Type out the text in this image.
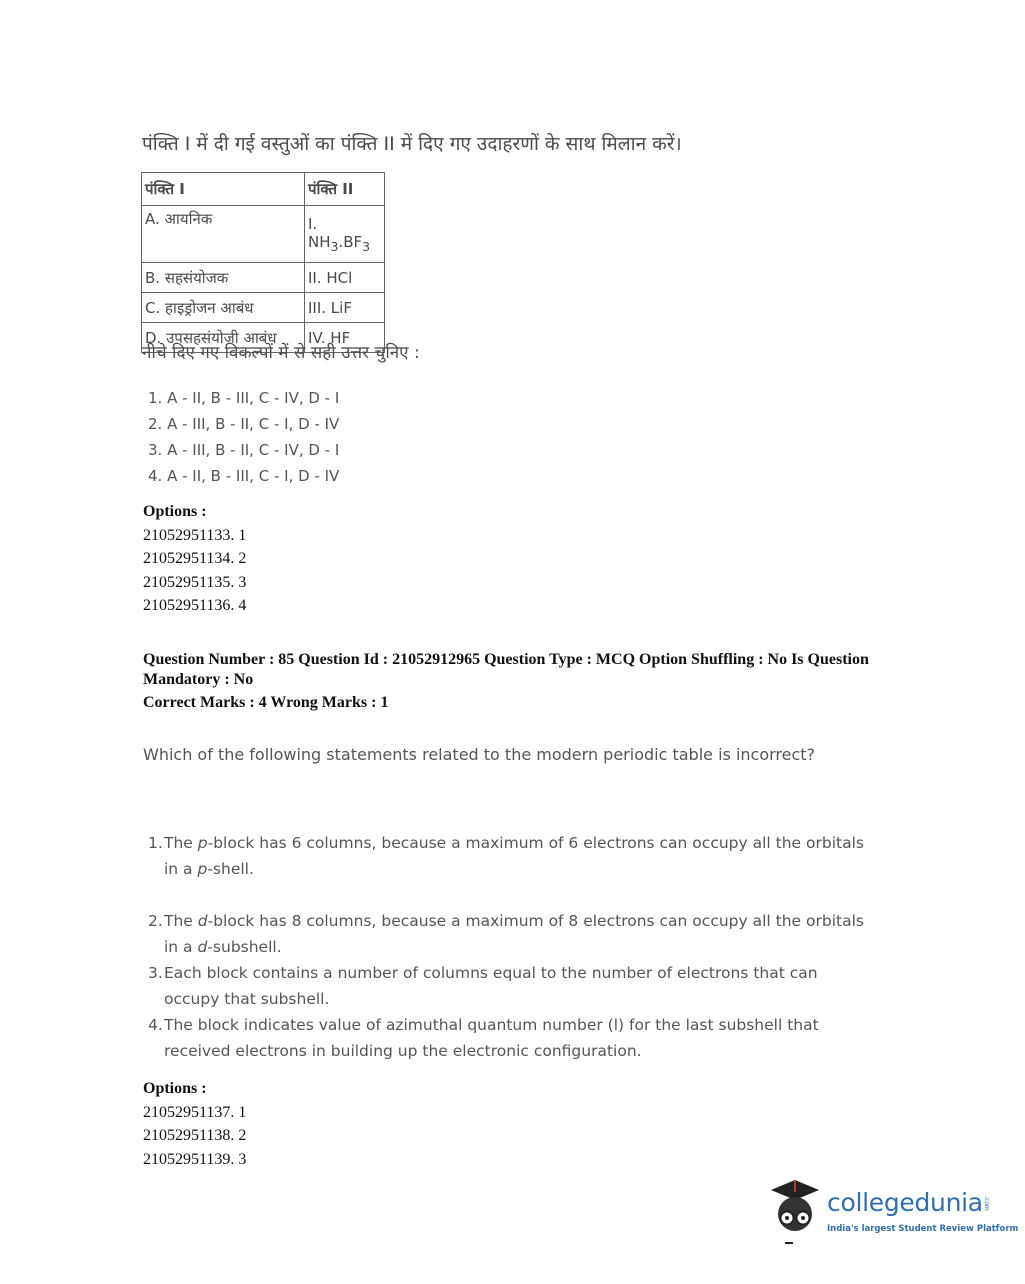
पंक्ति I में दी गई वस्तुओं का पंक्ति II में दिए गए उदाहरणों के साथ मिलान करें।
पंक्ति I	पंक्ति II
A. आयनिक	I. $NH_3.BF_3$
B. सहसंयोजक	II. HCl
C. हाइड्रोजन आबंध	III. LiF
D. उपसहसंयोजी आबंध	IV. HF
नीचे दिए गए विकल्पों में से सही उत्तर चुनिए :
1. A - II, B - III, C - IV, D - I
2. A - III, B - II, C - I, D - IV
3. A - III, B - II, C - IV, D - I
4. A - II, B - III, C - I, D - IV
Options :
21052951133. 1
21052951134. 2
21052951135. 3
21052951136. 4
Question Number : 85 Question Id : 21052912965 Question Type : MCQ Option Shuffling : No Is Question Mandatory : No
Correct Marks : 4 Wrong Marks : 1
Which of the following statements related to the modern periodic table is incorrect?
1. The p-block has 6 columns, because a maximum of 6 electrons can occupy all the orbitals in a p-shell.
2. The d-block has 8 columns, because a maximum of 8 electrons can occupy all the orbitals in a d-subshell.
3. Each block contains a number of columns equal to the number of electrons that can occupy that subshell.
4. The block indicates value of azimuthal quantum number (l) for the last subshell that received electrons in building up the electronic configuration.
Options :
21052951137. 1
21052951138. 2
21052951139. 3
collegedunia .com
India's largest Student Review Platform
